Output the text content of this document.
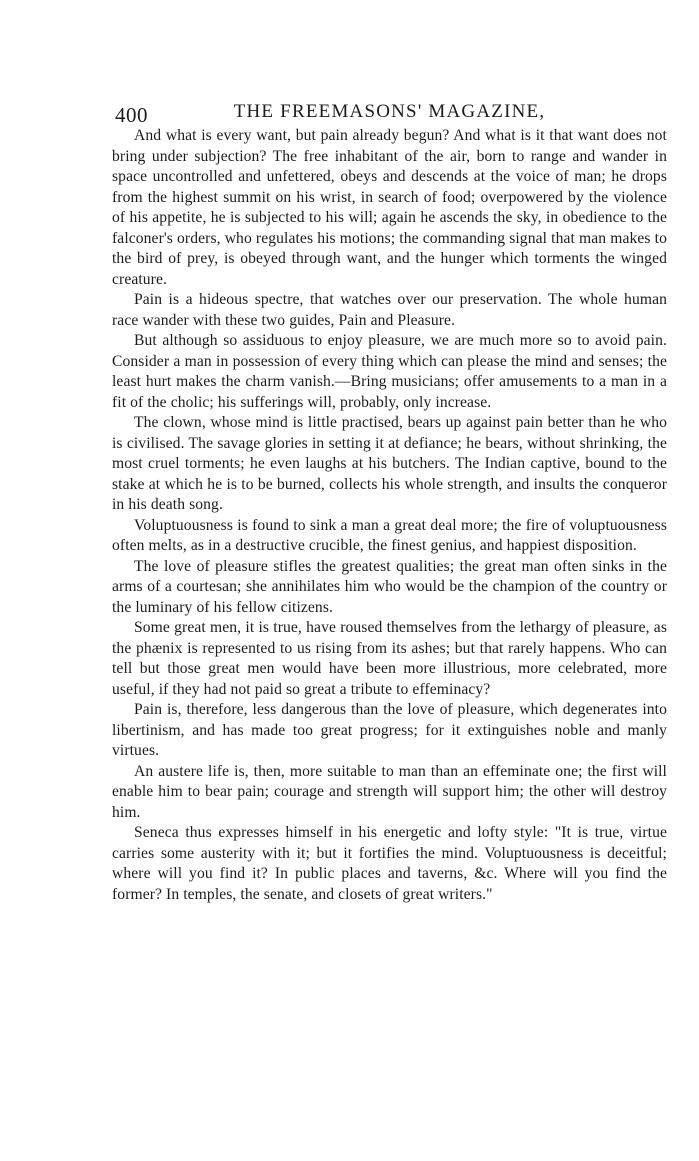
400	THE FREEMASONS' MAGAZINE,

And what is every want, but pain already begun? And what is it that want does not bring under subjection? The free inhabitant of the air, born to range and wander in space uncontrolled and unfettered, obeys and descends at the voice of man; he drops from the highest summit on his wrist, in search of food; overpowered by the violence of his appetite, he is subjected to his will; again he ascends the sky, in obedience to the falconer's orders, who regulates his motions; the commanding signal that man makes to the bird of prey, is obeyed through want, and the hunger which torments the winged creature.

Pain is a hideous spectre, that watches over our preservation. The whole human race wander with these two guides, Pain and Pleasure.

But although so assiduous to enjoy pleasure, we are much more so to avoid pain. Consider a man in possession of every thing which can please the mind and senses; the least hurt makes the charm vanish.—Bring musicians; offer amusements to a man in a fit of the cholic; his sufferings will, probably, only increase.

The clown, whose mind is little practised, bears up against pain better than he who is civilised. The savage glories in setting it at defiance; he bears, without shrinking, the most cruel torments; he even laughs at his butchers. The Indian captive, bound to the stake at which he is to be burned, collects his whole strength, and insults the conqueror in his death song.

Voluptuousness is found to sink a man a great deal more; the fire of voluptuousness often melts, as in a destructive crucible, the finest genius, and happiest disposition.

The love of pleasure stifles the greatest qualities; the great man often sinks in the arms of a courtesan; she annihilates him who would be the champion of the country or the luminary of his fellow citizens.

Some great men, it is true, have roused themselves from the lethargy of pleasure, as the phænix is represented to us rising from its ashes; but that rarely happens. Who can tell but those great men would have been more illustrious, more celebrated, more useful, if they had not paid so great a tribute to effeminacy?

Pain is, therefore, less dangerous than the love of pleasure, which degenerates into libertinism, and has made too great progress; for it extinguishes noble and manly virtues.

An austere life is, then, more suitable to man than an effeminate one; the first will enable him to bear pain; courage and strength will support him; the other will destroy him.

Seneca thus expresses himself in his energetic and lofty style: "It is true, virtue carries some austerity with it; but it fortifies the mind. Voluptuousness is deceitful; where will you find it? In public places and taverns, &c. Where will you find the former? In temples, the senate, and closets of great writers."
